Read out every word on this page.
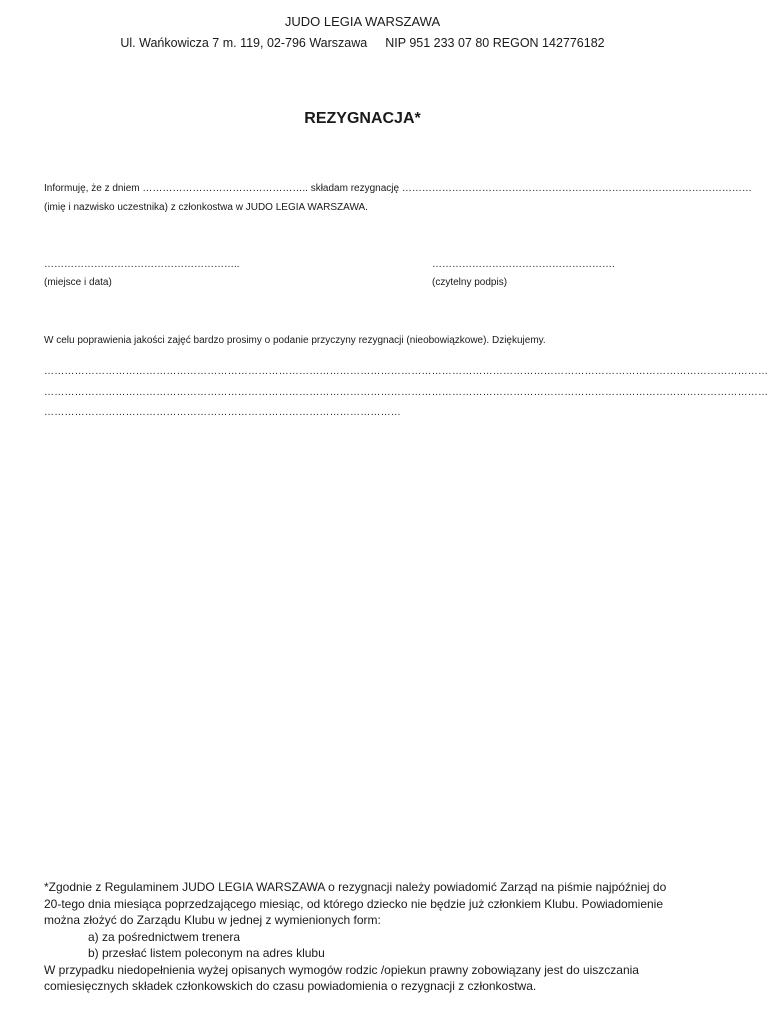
JUDO LEGIA WARSZAWA
Ul. Wańkowicza 7 m. 119, 02-796 Warszawa NIP 951 233 07 80 REGON 142776182
REZYGNACJA*
Informuję, że z dniem ………………………………………….. składam rezygnację ……………………………………………………………………………………………
(imię i nazwisko uczestnika) z członkostwa w JUDO LEGIA WARSZAWA.
…………………………………………………..	……………………………………………….
(miejsce i data)	(czytelny podpis)
W celu poprawienia jakości zajęć bardzo prosimy o podanie przyczyny rezygnacji (nieobowiązkowe). Dziękujemy.
……………………………………………………………………………………………………………………………………………………………………………………………
……………………………………………………………………………………………………………………………………………………………………………………………
……………………………………………………………………………………………

*Zgodnie z Regulaminem JUDO LEGIA WARSZAWA o rezygnacji należy powiadomić Zarząd na piśmie najpóźniej do 20-tego dnia miesiąca poprzedzającego miesiąc, od którego dziecko nie będzie już członkiem Klubu. Powiadomienie można złożyć do Zarządu Klubu w jednej z wymienionych form:

a) za pośrednictwem trenera

b) przesłać listem poleconym na adres klubu

W przypadku niedopełnienia wyżej opisanych wymogów rodzic /opiekun prawny zobowiązany jest do uiszczania comiesięcznych składek członkowskich do czasu powiadomienia o rezygnacji z członkostwa.
